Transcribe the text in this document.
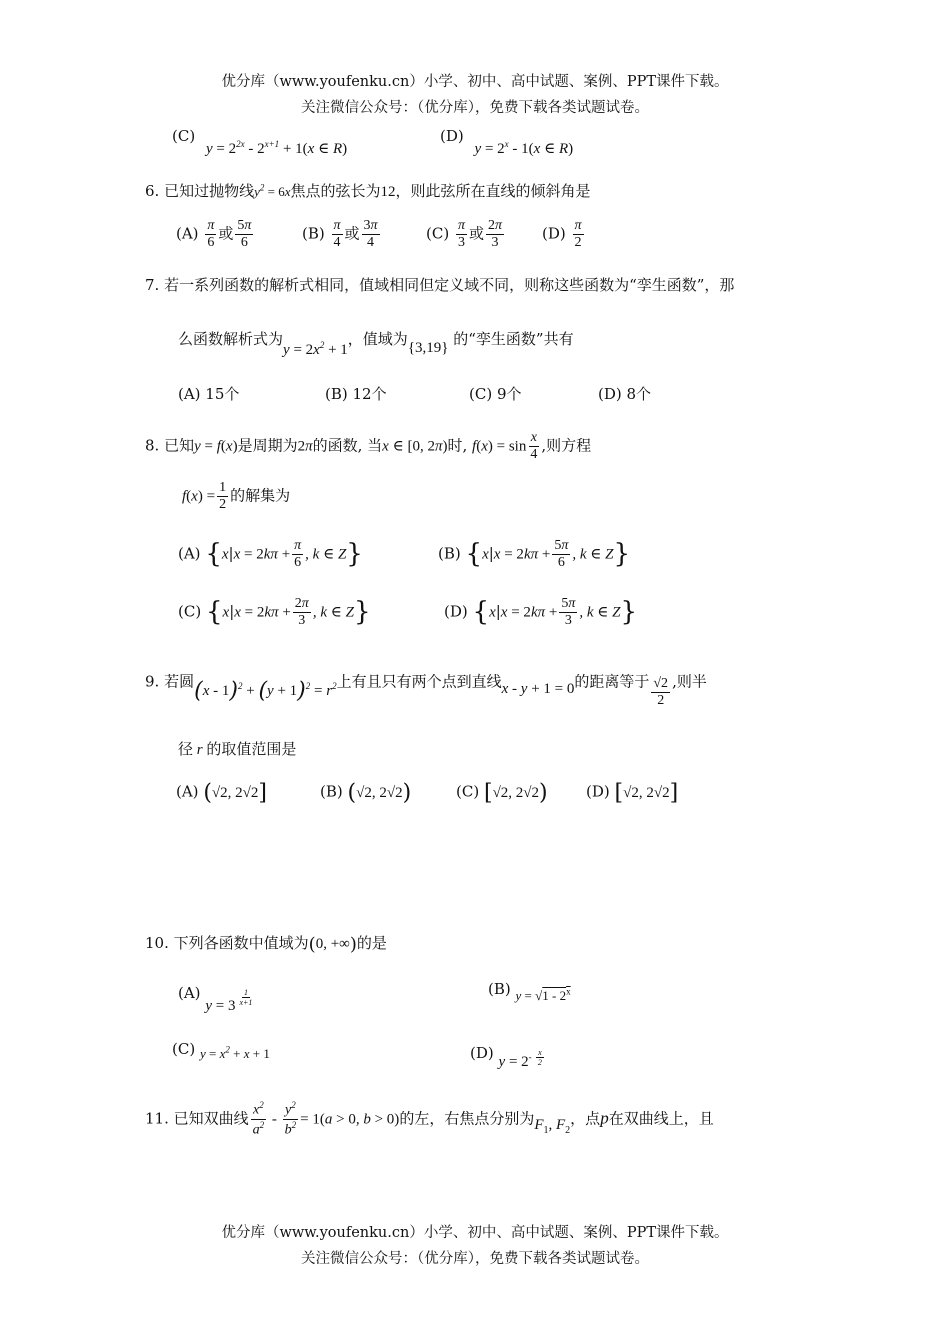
优分库（www.youfenku.cn）小学、初中、高中试题、案例、PPT课件下载。
关注微信公众号：（优分库），免费下载各类试题试卷。
(C) $y = 2^{2x} - 2^{x+1} + 1(x$ ∈ R)
(D) $y = 2^x - 1(x$ ∈ R)
6. 已知过抛物线$y^2 = 6x$焦点的弦长为12，则此弦所在直线的倾斜角是
$(A) \frac{\pi}{6}$ 或 $\frac{5\pi}{6}$	$(B) \frac{\pi}{4}$ 或 $\frac{3\pi}{4}$	$(C) \frac{\pi}{3}$ 或 $\frac{2\pi}{3}$	$(D) \frac{\pi}{2}$
7. 若一系列函数的解析式相同，值域相同但定义域不同，则称这些函数为“孪生函数”，那
么函数解析式为$y = 2x^2 + 1$，值域为{3,19} 的“孪生函数”共有
(A) 15个	(B) 12个	(C) 9个	(D) 8个
8. 已知y = f(x)是周期为2π的函数, 当x ∈ [0, 2π)时, $f(x) = \sin \frac{x}{4}$ ,则方程
$f(x) = \frac{1}{2}$ 的解集为
(A) {$x|x = 2k\pi + \frac{\pi}{6}$ , k ∈ Z}	(B) {$x|x = 2k\pi + \frac{5\pi}{6}$ , k ∈ Z}
(C) {$x|x = 2k\pi + \frac{2\pi}{3}$ , k ∈ Z}	(D) {$x|x = 2k\pi + \frac{5\pi}{3}$ , k ∈ Z}
9. 若圆$(x - 1)^2 + (y + 1)^2 = r^2$上有且只有两个点到直线x - y + 1 = 0的距离等于 $\frac{√2}{2}$ ,则半
径 r 的取值范围是
(A) (√2, 2√2]	(B) (√2, 2√2)	(C) [√2, 2√2)	(D) [√2, 2√2]
10. 下列各函数中值域为(0, +∞)的是
(A) y = 3 $^{\frac{1}{x+1}}$	(B) y = √1 - 2$^x$
(C) $y = x^2 + x + 1$	(D) $y = 2^{- \frac{x}{2}}$
11. 已知双曲线 $\frac{x^2}{a^2} - \frac{y^2}{b^2} = 1(a > 0$, b > 0)的左，右焦点分别为$F_1$, $F_2$，点p在双曲线上，且
优分库（www.youfenku.cn）小学、初中、高中试题、案例、PPT课件下载。
关注微信公众号：（优分库），免费下载各类试题试卷。
